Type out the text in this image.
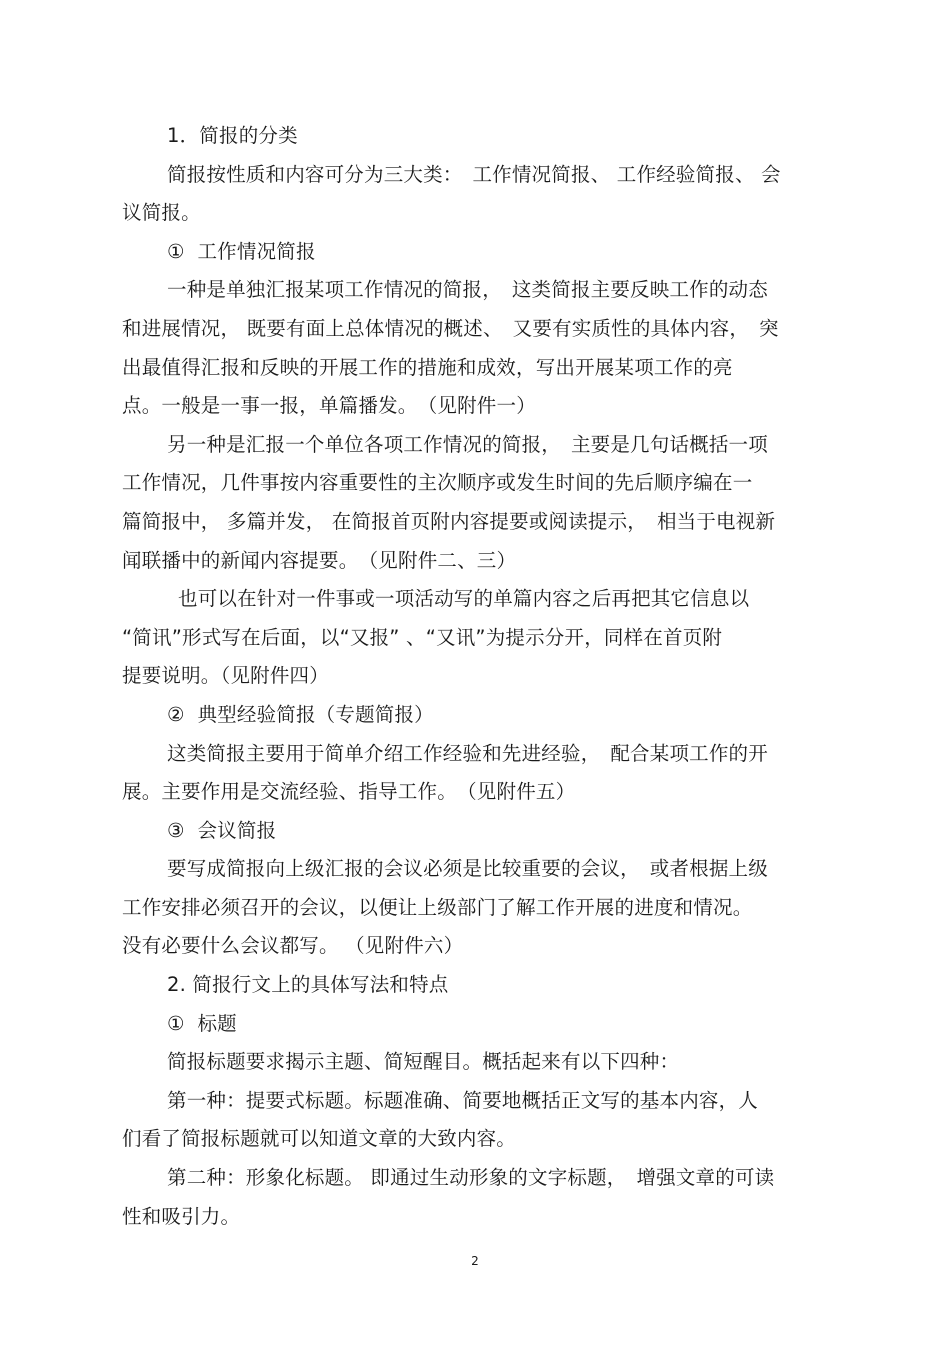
1．简报的分类
简报按性质和内容可分为三大类：　工作情况简报、 工作经验简报、 会
议简报。
①  工作情况简报
一种是单独汇报某项工作情况的简报，　这类简报主要反映工作的动态
和进展情况， 既要有面上总体情况的概述、　又要有实质性的具体内容，　突
出最值得汇报和反映的开展工作的措施和成效，写出开展某项工作的亮
点。一般是一事一报，单篇播发。　（见附件一）
另一种是汇报一个单位各项工作情况的简报，　主要是几句话概括一项
工作情况，几件事按内容重要性的主次顺序或发生时间的先后顺序编在一
篇简报中， 多篇并发， 在简报首页附内容提要或阅读提示，　相当于电视新
闻联播中的新闻内容提要。　（见附件二、三）
也可以在针对一件事或一项活动写的单篇内容之后再把其它信息以
“简讯”形式写在后面，以“又报” 、“又讯”为提示分开，同样在首页附
提要说明。（见附件四）
②  典型经验简报（专题简报）
这类简报主要用于简单介绍工作经验和先进经验，　配合某项工作的开
展。主要作用是交流经验、指导工作。　（见附件五）
③  会议简报
要写成简报向上级汇报的会议必须是比较重要的会议，　或者根据上级
工作安排必须召开的会议，以便让上级部门了解工作开展的进度和情况。
没有必要什么会议都写。 （见附件六）
2. 简报行文上的具体写法和特点
①  标题
简报标题要求揭示主题、简短醒目。概括起来有以下四种：
第一种：提要式标题。标题准确、简要地概括正文写的基本内容，人
们看了简报标题就可以知道文章的大致内容。
第二种：形象化标题。 即通过生动形象的文字标题，　增强文章的可读
性和吸引力。
2
